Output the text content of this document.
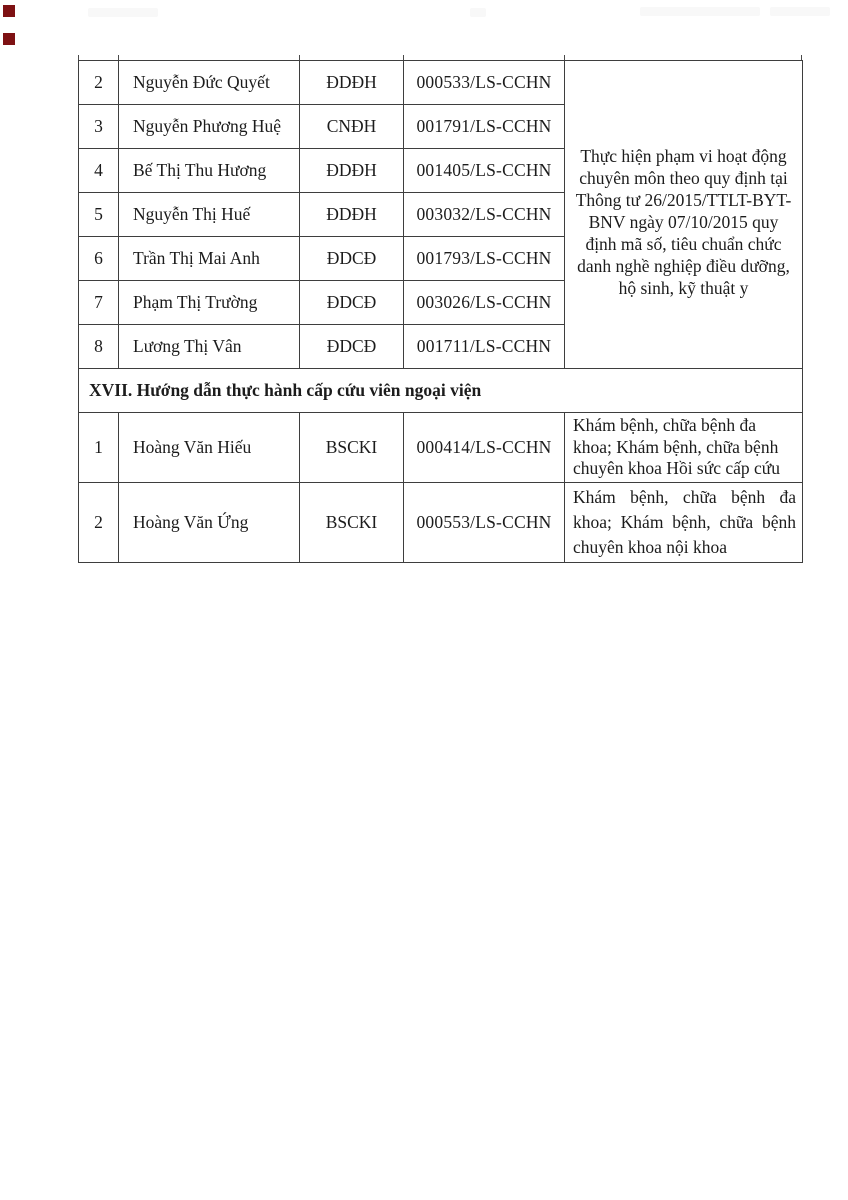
2	Nguyễn Đức Quyết	ĐDĐH	000533/LS-CCHN	Thực hiện phạm vi hoạt động chuyên môn theo quy định tại Thông tư 26/2015/TTLT-BYT-BNV ngày 07/10/2015 quy định mã số, tiêu chuẩn chức danh nghề nghiệp điều dưỡng, hộ sinh, kỹ thuật y
3	Nguyễn Phương Huệ	CNĐH	001791/LS-CCHN	
4	Bế Thị Thu Hương	ĐDĐH	001405/LS-CCHN	
5	Nguyễn Thị Huế	ĐDĐH	003032/LS-CCHN	
6	Trần Thị Mai Anh	ĐDCĐ	001793/LS-CCHN	
7	Phạm Thị Trường	ĐDCĐ	003026/LS-CCHN	
8	Lương Thị Vân	ĐDCĐ	001711/LS-CCHN	
XVII. Hướng dẫn thực hành cấp cứu viên ngoại viện				
1	Hoàng Văn Hiếu	BSCKI	000414/LS-CCHN	Khám bệnh, chữa bệnh đa khoa; Khám bệnh, chữa bệnh chuyên khoa Hồi sức cấp cứu
2	Hoàng Văn Ứng	BSCKI	000553/LS-CCHN	Khám bệnh, chữa bệnh đa khoa; Khám bệnh, chữa bệnh chuyên khoa nội khoa
